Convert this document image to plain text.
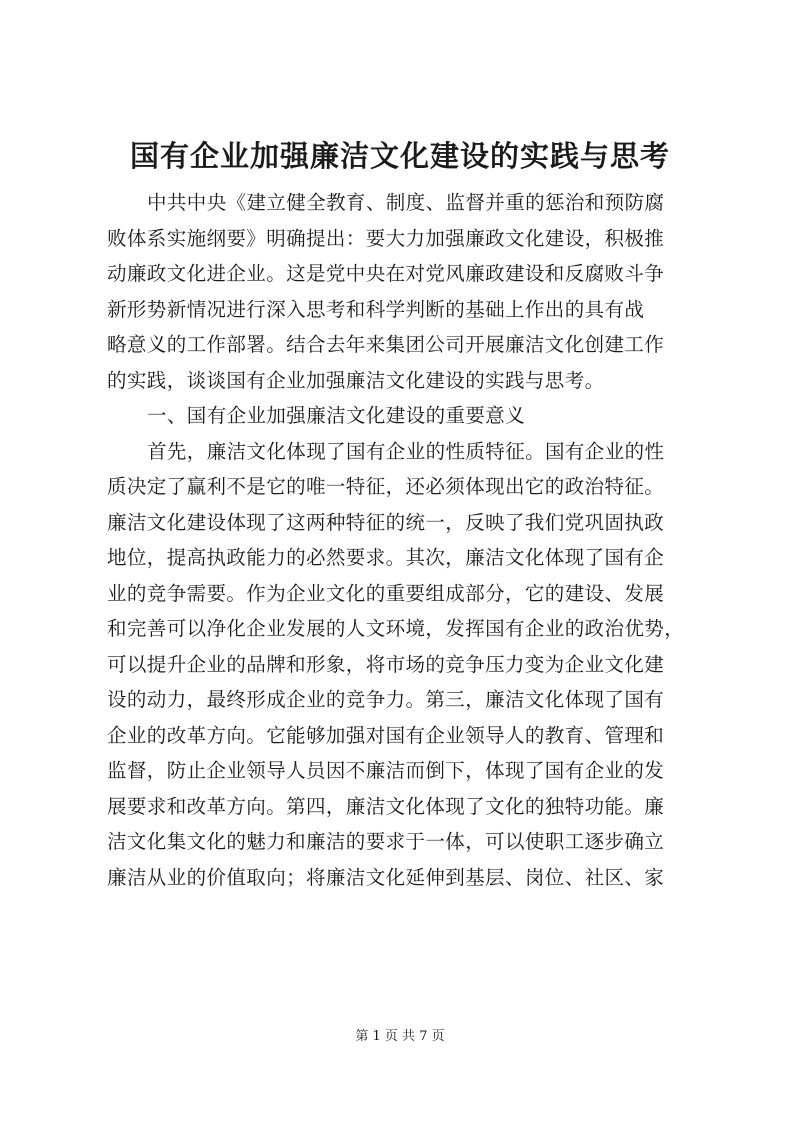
国有企业加强廉洁文化建设的实践与思考
中共中央《建立健全教育、制度、监督并重的惩治和预防腐
败体系实施纲要》明确提出：要大力加强廉政文化建设，积极推
动廉政文化进企业。这是党中央在对党风廉政建设和反腐败斗争
新形势新情况进行深入思考和科学判断的基础上作出的具有战
略意义的工作部署。结合去年来集团公司开展廉洁文化创建工作
的实践，谈谈国有企业加强廉洁文化建设的实践与思考。
一、国有企业加强廉洁文化建设的重要意义
首先，廉洁文化体现了国有企业的性质特征。国有企业的性
质决定了赢利不是它的唯一特征，还必须体现出它的政治特征。
廉洁文化建设体现了这两种特征的统一，反映了我们党巩固执政
地位，提高执政能力的必然要求。其次，廉洁文化体现了国有企
业的竞争需要。作为企业文化的重要组成部分，它的建设、发展
和完善可以净化企业发展的人文环境，发挥国有企业的政治优势，
可以提升企业的品牌和形象，将市场的竞争压力变为企业文化建
设的动力，最终形成企业的竞争力。第三，廉洁文化体现了国有
企业的改革方向。它能够加强对国有企业领导人的教育、管理和
监督，防止企业领导人员因不廉洁而倒下，体现了国有企业的发
展要求和改革方向。第四，廉洁文化体现了文化的独特功能。廉
洁文化集文化的魅力和廉洁的要求于一体，可以使职工逐步确立
廉洁从业的价值取向；将廉洁文化延伸到基层、岗位、社区、家
第 1 页 共 7 页
